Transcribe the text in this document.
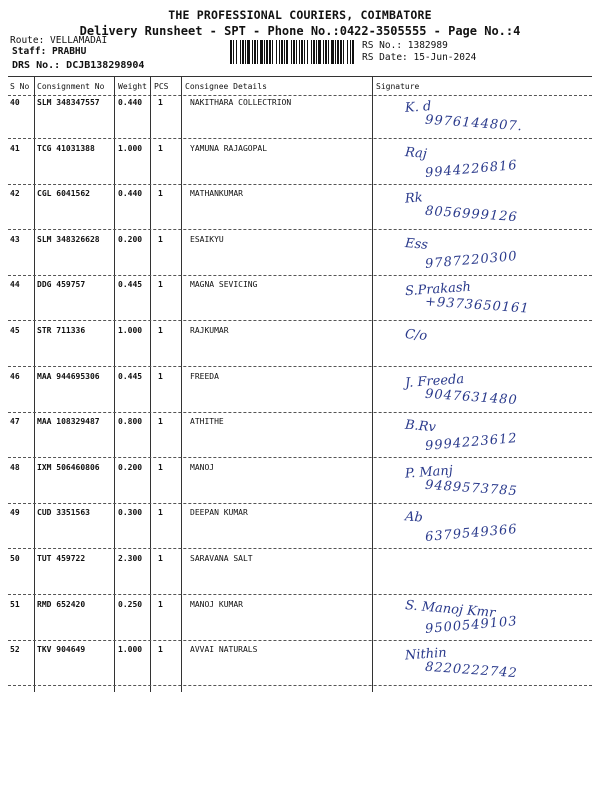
THE PROFESSIONAL COURIERS, COIMBATORE
Delivery Runsheet - SPT - Phone No.:0422-3505555 - Page No.:4
Route: VELLAMADAI
Staff: PRABHU
DRS No.: DCJB138298904
RS No.: 1382989
RS Date: 15-Jun-2024
S No Consignment No Weight PCS Consignee Details	Signature
40 SLM 348347557 0.440 1	NAKITHARA COLLECTRION	K. d
9976144807.
41 TCG 41031388	1.000 1	YAMUNA RAJAGOPAL	Raj
9944226816
42 CGL 6041562	0.440 1	MATHANKUMAR	Rk
8056999126
43 SLM 348326628 0.200 1	ESAIKYU	Ess
9787220300
44 DDG 459757	0.445 1	MAGNA SEVICING	S.Prakash
+9373650161
45 STR 711336	1.000 1	RAJKUMAR	C/o
46 MAA 944695306 0.445 1	FREEDA	J. Freeda
9047631480
47 MAA 108329487 0.800 1	ATHITHE	B.Rv
9994223612
48 IXM 506460806 0.200 1	MANOJ	P. Manj
9489573785
49 CUD 3351563	0.300 1	DEEPAN KUMAR	Ab
6379549366
50 TUT 459722	2.300 1	SARAVANA SALT
51 RMD 652420	0.250 1	MANOJ KUMAR	S. Manoj Kmr
9500549103
52 TKV 904649	1.000 1	AVVAI NATURALS	Nithin
8220222742
